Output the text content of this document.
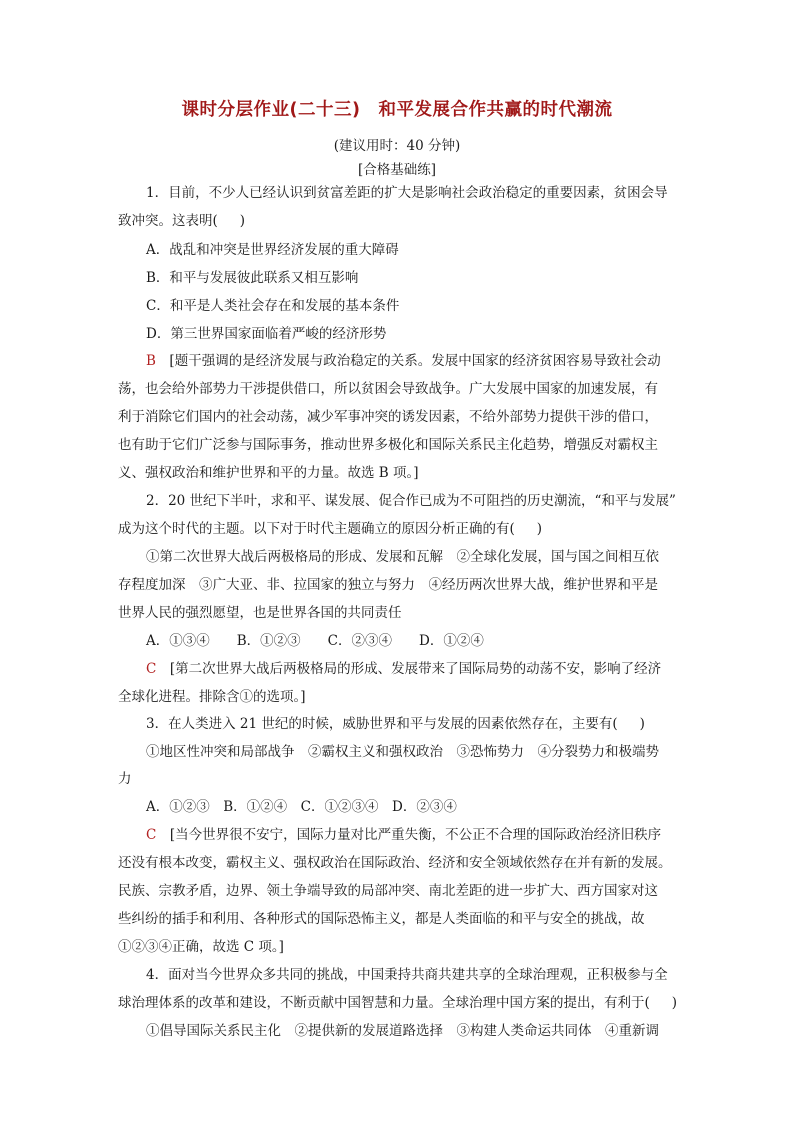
课时分层作业(二十三) 和平发展合作共赢的时代潮流
(建议用时：40 分钟)
[合格基础练]
1．目前，不少人已经认识到贫富差距的扩大是影响社会政治稳定的重要因素，贫困会导
致冲突。这表明( )
A．战乱和冲突是世界经济发展的重大障碍
B．和平与发展彼此联系又相互影响
C．和平是人类社会存在和发展的基本条件
D．第三世界国家面临着严峻的经济形势
B  [题干强调的是经济发展与政治稳定的关系。发展中国家的经济贫困容易导致社会动
荡，也会给外部势力干涉提供借口，所以贫困会导致战争。广大发展中国家的加速发展，有
利于消除它们国内的社会动荡，减少军事冲突的诱发因素，不给外部势力提供干涉的借口，
也有助于它们广泛参与国际事务，推动世界多极化和国际关系民主化趋势，增强反对霸权主
义、强权政治和维护世界和平的力量。故选 B 项。]
2．20 世纪下半叶，求和平、谋发展、促合作已成为不可阻挡的历史潮流，“和平与发展”
成为这个时代的主题。以下对于时代主题确立的原因分析正确的有( )
①第二次世界大战后两极格局的形成、发展和瓦解　②全球化发展，国与国之间相互依
存程度加深　③广大亚、非、拉国家的独立与努力　④经历两次世界大战，维护世界和平是
世界人民的强烈愿望，也是世界各国的共同责任
A．①③④　　B．①②③　　C．②③④　　D．①②④
C  [第二次世界大战后两极格局的形成、发展带来了国际局势的动荡不安，影响了经济
全球化进程。排除含①的选项。]
3．在人类进入 21 世纪的时候，威胁世界和平与发展的因素依然存在，主要有( )
①地区性冲突和局部战争　②霸权主义和强权政治　③恐怖势力　④分裂势力和极端势
力
A．①②③　B．①②④　C．①②③④　D．②③④
C  [当今世界很不安宁，国际力量对比严重失衡，不公正不合理的国际政治经济旧秩序
还没有根本改变，霸权主义、强权政治在国际政治、经济和安全领域依然存在并有新的发展。
民族、宗教矛盾，边界、领土争端导致的局部冲突、南北差距的进一步扩大、西方国家对这
些纠纷的插手和利用、各种形式的国际恐怖主义，都是人类面临的和平与安全的挑战，故
①②③④正确，故选 C 项。]
4．面对当今世界众多共同的挑战，中国秉持共商共建共享的全球治理观，正积极参与全
球治理体系的改革和建设，不断贡献中国智慧和力量。全球治理中国方案的提出，有利于( )
①倡导国际关系民主化　②提供新的发展道路选择　③构建人类命运共同体　④重新调
